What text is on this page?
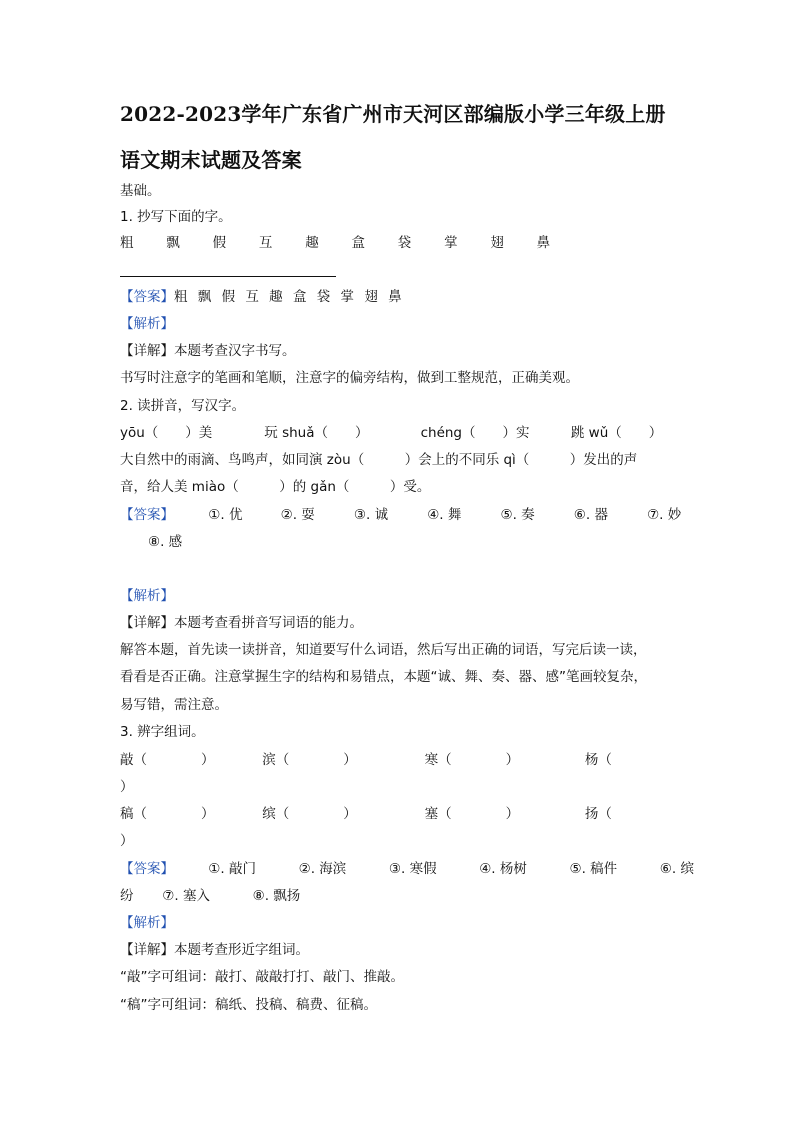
2022-2023学年广东省广州市天河区部编版小学三年级上册
语文期末试题及答案
基础。
1. 抄写下面的字。
粗 飘 假 互 趣 盒 袋 掌 翅 鼻
【答案】粗 飘 假 互 趣 盒 袋 掌 翅 鼻
【解析】
【详解】本题考查汉字书写。
书写时注意字的笔画和笔顺，注意字的偏旁结构，做到工整规范，正确美观。
2. 读拼音，写汉字。
yōu（　　）美	玩 shuǎ（　　）	chéng（　　）实	跳 wǔ（　　）
大自然中的雨滴、鸟鸣声，如同演 zòu（　　　）会上的不同乐 qì（　　　）发出的声
音，给人美 miào（　　　）的 gǎn（　　　）受。
【答案】	①. 优	②. 耍	③. 诚	④. 舞	⑤. 奏	⑥. 器	⑦. 妙
⑧. 感
【解析】
【详解】本题考查看拼音写词语的能力。
解答本题，首先读一读拼音，知道要写什么词语，然后写出正确的词语，写完后读一读，
看看是否正确。注意掌握生字的结构和易错点，本题“诚、舞、奏、器、感”笔画较复杂，
易写错，需注意。
3. 辨字组词。
敲（　　　　）	滨（　　　　）	寒（　　　　）	杨（
）
稿（　　　　）	缤（　　　　）	塞（　　　　）	扬（
）
【答案】	①. 敲门	②. 海滨	③. 寒假	④. 杨树	⑤. 稿件	⑥. 缤
纷 ⑦. 塞入	⑧. 飘扬
【解析】
【详解】本题考查形近字组词。
“敲”字可组词：敲打、敲敲打打、敲门、推敲。
“稿”字可组词：稿纸、投稿、稿费、征稿。
